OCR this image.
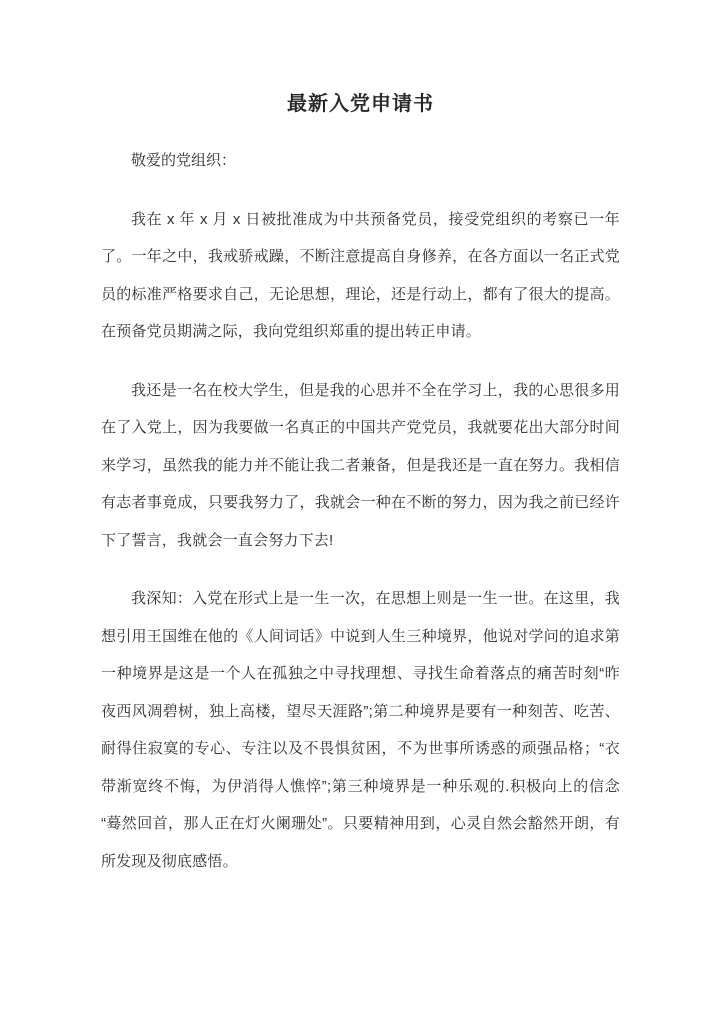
最新入党申请书

敬爱的党组织：

我在 x 年 x 月 x 日被批准成为中共预备党员，接受党组织的考察已一年了。一年之中，我戒骄戒躁，不断注意提高自身修养，在各方面以一名正式党员的标准严格要求自己，无论思想，理论，还是行动上，都有了很大的提高。在预备党员期满之际，我向党组织郑重的提出转正申请。

我还是一名在校大学生，但是我的心思并不全在学习上，我的心思很多用在了入党上，因为我要做一名真正的中国共产党党员，我就要花出大部分时间来学习，虽然我的能力并不能让我二者兼备，但是我还是一直在努力。我相信有志者事竟成，只要我努力了，我就会一种在不断的努力，因为我之前已经许下了誓言，我就会一直会努力下去!

我深知：入党在形式上是一生一次，在思想上则是一生一世。在这里，我想引用王国维在他的《人间词话》中说到人生三种境界，他说对学问的追求第一种境界是这是一个人在孤独之中寻找理想、寻找生命着落点的痛苦时刻“昨夜西风凋碧树，独上高楼，望尽天涯路”;第二种境界是要有一种刻苦、吃苦、耐得住寂寞的专心、专注以及不畏惧贫困，不为世事所诱惑的顽强品格；“衣带渐宽终不悔，为伊消得人憔悴”;第三种境界是一种乐观的.积极向上的信念“蓦然回首，那人正在灯火阑珊处”。只要精神用到，心灵自然会豁然开朗，有所发现及彻底感悟。
